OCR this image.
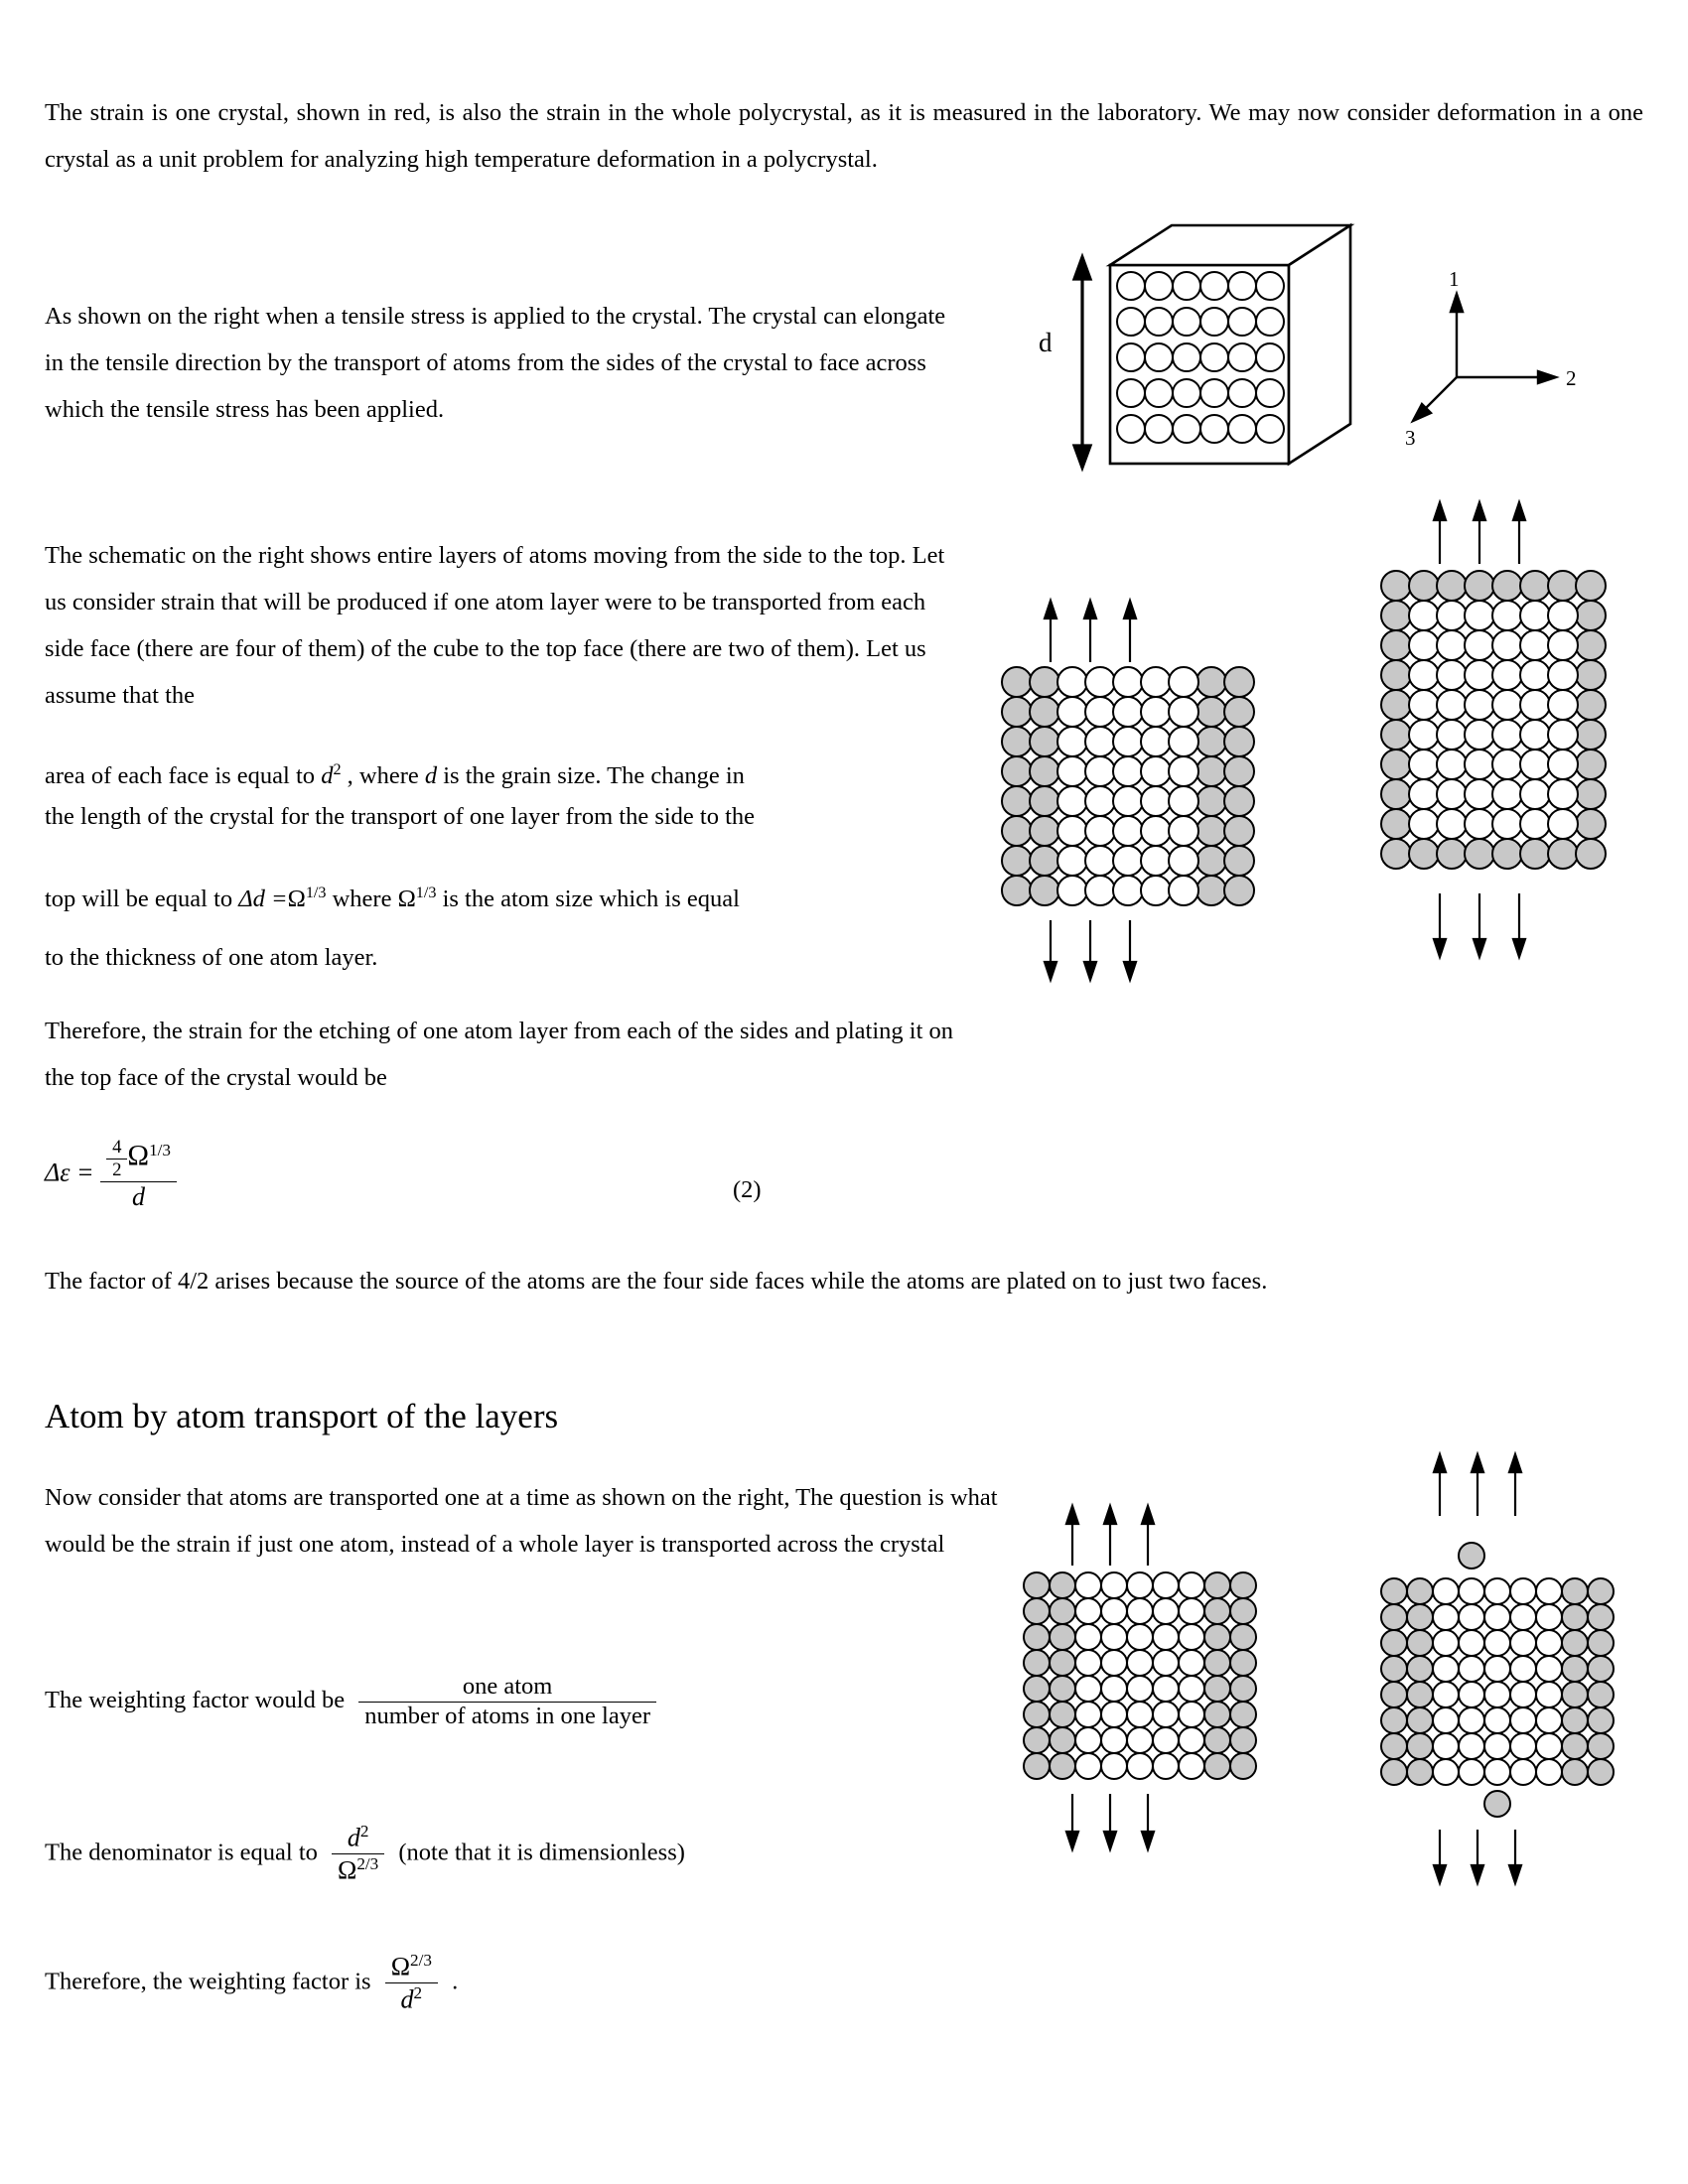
The strain is one crystal, shown in red, is also the strain in the whole polycrystal, as it is measured in the laboratory. We may now consider deformation in a one crystal as a unit problem for analyzing high temperature deformation in a polycrystal.
As shown on the right when a tensile stress is applied to the crystal. The crystal can elongate in the tensile direction by the transport of atoms from the sides of the crystal to face across which the tensile stress has been applied.
The schematic on the right shows entire layers of atoms moving from the side to the top. Let us consider strain that will be produced if one atom layer were to be transported from each side face (there are four of them) of the cube to the top face (there are two of them). Let us assume that the
area of each face is equal to $d^2$ , where d is the grain size. The change in
the length of the crystal for the transport of one layer from the side to the
top will be equal to $\Delta d =\Omega^{1/3}$ where $\Omega^{1/3}$ is the atom size which is equal
to the thickness of one atom layer.
Therefore, the strain for the etching of one atom layer from each of the sides and plating it on the top face of the crystal would be
$\Delta\varepsilon = \frac{\frac{4}{2} \Omega^{1/3}}{d}$	(2)
The factor of 4/2 arises because the source of the atoms are the four side faces while the atoms are plated on to just two faces.
Atom by atom transport of the layers
Now consider that atoms are transported one at a time as shown on the right, The question is what would be the strain if just one atom, instead of a whole layer is transported across the crystal
The weighting factor would be $\frac{\text{one atom}}{\text{number of atoms in one layer}}$
The denominator is equal to $\frac{d^2}{\Omega^{2/3}}$ (note that it is dimensionless)
Therefore, the weighting factor is $\frac{\Omega^{2/3}}{d^2}$ .
d
1
2
3
